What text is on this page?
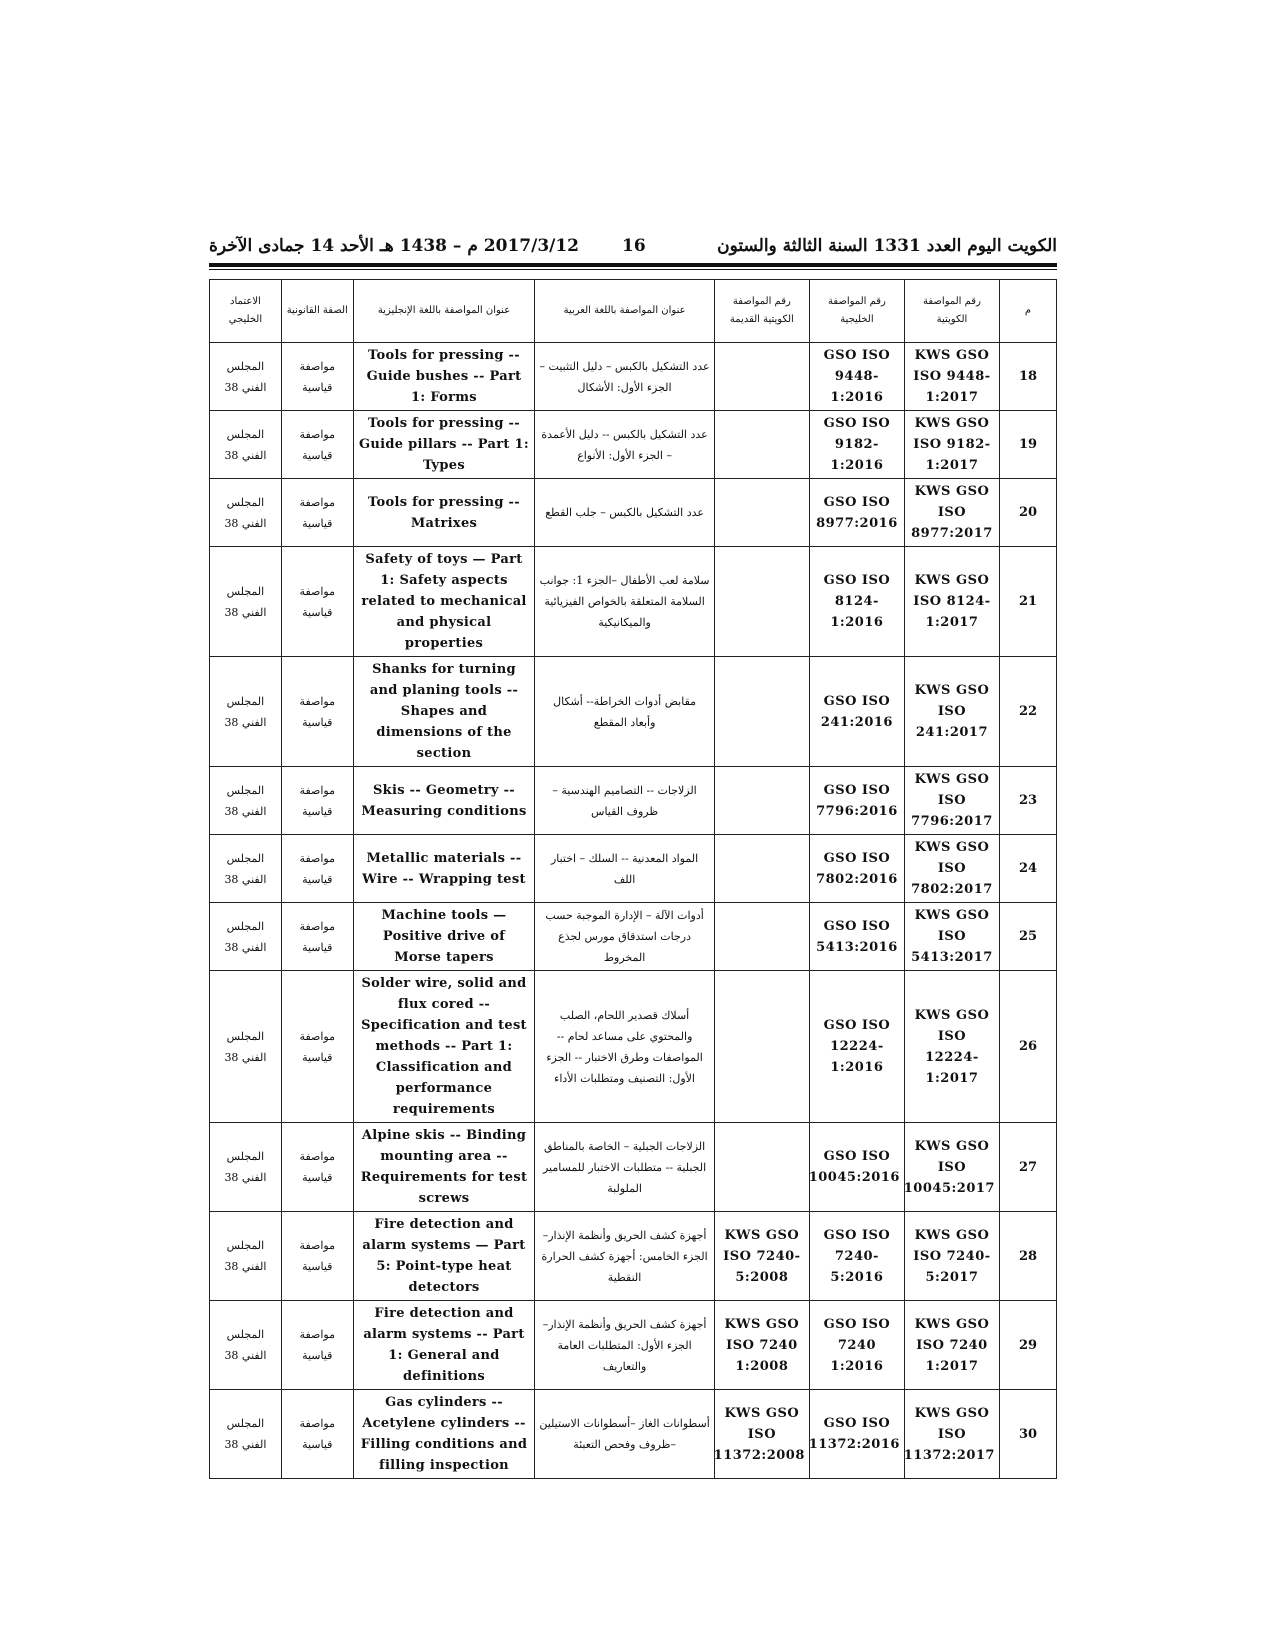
2017/3/12 م – 1438 هـ الأحد 14 جمادى الآخرة	16	الكويت اليوم العدد 1331 السنة الثالثة والستون
م	رقم المواصفة الكويتية	رقم المواصفة الخليجية	رقم المواصفة الكويتية القديمة	عنوان المواصفة باللغة العربية	عنوان المواصفة باللغة الإنجليزية	الصفة القانونية	الاعتماد الخليجي
18	KWS GSO ISO 9448-1:2017	GSO ISO 9448-1:2016		عدد التشكيل بالكبس – دليل التثبيت –الجزء الأول: الأشكال	Tools for pressing -- Guide bushes -- Part 1: Forms	مواصفة قياسية	المجلس الفني 38
19	KWS GSO ISO 9182-1:2017	GSO ISO 9182-1:2016		عدد التشكيل بالكبس -- دليل الأعمدة – الجزء الأول: الأنواع	Tools for pressing -- Guide pillars -- Part 1: Types	مواصفة قياسية	المجلس الفني 38
20	KWS GSO ISO 8977:2017	GSO ISO 8977:2016		عدد التشكيل بالكبس – جلب القطع	Tools for pressing -- Matrixes	مواصفة قياسية	المجلس الفني 38
21	KWS GSO ISO 8124-1:2017	GSO ISO 8124-1:2016		سلامة لعب الأطفال –الجزء 1: جوانب السلامة المتعلقة بالخواص الفيزيائية والميكانيكية	Safety of toys — Part 1: Safety aspects related to mechanical and physical properties	مواصفة قياسية	المجلس الفني 38
22	KWS GSO ISO 241:2017	GSO ISO 241:2016		مقابض أدوات الخراطة-- أشكال وأبعاد المقطع	Shanks for turning and planing tools -- Shapes and dimensions of the section	مواصفة قياسية	المجلس الفني 38
23	KWS GSO ISO 7796:2017	GSO ISO 7796:2016		الزلاجات -- التصاميم الهندسية – ظروف القياس	Skis -- Geometry -- Measuring conditions	مواصفة قياسية	المجلس الفني 38
24	KWS GSO ISO 7802:2017	GSO ISO 7802:2016		المواد المعدنية -- السلك – اختبار اللف	Metallic materials -- Wire -- Wrapping test	مواصفة قياسية	المجلس الفني 38
25	KWS GSO ISO 5413:2017	GSO ISO 5413:2016		أدوات الآلة – الإدارة الموجبة حسب درجات استدقاق مورس لجذع المخروط	Machine tools — Positive drive of Morse tapers	مواصفة قياسية	المجلس الفني 38
26	KWS GSO ISO 12224-1:2017	GSO ISO 12224-1:2016		أسلاك قصدير اللحام، الصلب والمحتوي على مساعد لحام -- المواصفات وطرق الاختبار -- الجزء الأول: التصنيف ومتطلبات الأداء	Solder wire, solid and flux cored -- Specification and test methods -- Part 1: Classification and performance requirements	مواصفة قياسية	المجلس الفني 38
27	KWS GSO ISO 10045:2017	GSO ISO 10045:2016		الزلاجات الجبلية – الخاصة بالمناطق الجبلية -- متطلبات الاختبار للمسامير الملولبة	Alpine skis -- Binding mounting area -- Requirements for test screws	مواصفة قياسية	المجلس الفني 38
28	KWS GSO ISO 7240-5:2017	GSO ISO 7240-5:2016	KWS GSO ISO 7240-5:2008	أجهزة كشف الحريق وأنظمة الإنذار– الجزء الخامس: أجهزة كشف الحرارة النقطية	Fire detection and alarm systems — Part 5: Point-type heat detectors	مواصفة قياسية	المجلس الفني 38
29	KWS GSO ISO 7240 1:2017	GSO ISO 7240 1:2016	KWS GSO ISO 7240 1:2008	أجهزة كشف الحريق وأنظمة الإنذار– الجزء الأول: المتطلبات العامة والتعاريف	Fire detection and alarm systems -- Part 1: General and definitions	مواصفة قياسية	المجلس الفني 38
30	KWS GSO ISO 11372:2017	GSO ISO 11372:2016	KWS GSO ISO 11372:2008	أسطوانات الغاز –أسطوانات الاستيلين –ظروف وفحص التعبئة	Gas cylinders -- Acetylene cylinders -- Filling conditions and filling inspection	مواصفة قياسية	المجلس الفني 38
